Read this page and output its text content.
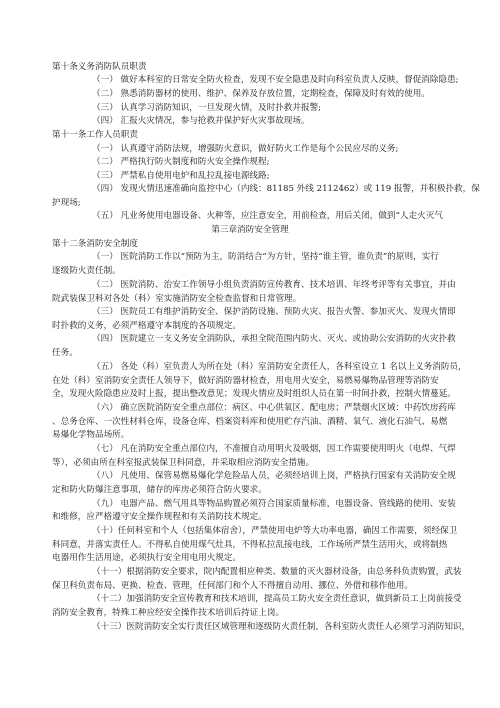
第十条义务消防队员职责
（一） 做好本科室的日常安全防火检查，发现不安全隐患及时向科室负责人反映，督促消除隐患;
（二） 熟悉消防器材的使用、维护、保养及存放位置，定期检查，保障及时有效的使用。
（三） 认真学习消防知识，一旦发现火情，及时扑救并报警;
（四） 汇报火灾情况，参与抢救并保护好火灾事故现场。
第十一条工作人员职责
（一） 认真遵守消防法规，增强防火意识，做好防火工作是每个公民应尽的义务;
（二） 严格执行防火制度和防火安全操作规程;
（三） 严禁私自使用电炉和乱拉乱接电源线路;
（四） 发现火情迅速准确向监控中心（内线：81185 外线 2112462）或 119 报警，并积极扑救，保
护现场;
（五） 凡业务使用电器设备、火种等，应注意安全，用前检查，用后关闭，做到“人走火灭气
第三章消防安全管理
第十二条消防安全制度
（一） 医院消防工作以“预防为主，防消结合”为方针，坚持“谁主管，谁负责”的原则，实行
逐级防火责任制。
（二） 医院消防、治安工作领导小组负责消防宣传教育、技术培训、年终考评等有关事宜，并由
院武装保卫科对各处（科）室实施消防安全检查监督和日常管理。
（三） 医院员工有维护消防安全、保护消防设施、预防火灾、报告火警、参加灭火、发现火情即
时扑救的义务，必须严格遵守本制度的各项规定。
（四） 医院建立一支义务安全消防队，承担全院范围内防火、灭火、或协助公安消防的火灾扑救
任务。
（五） 各处（科）室负责人为所在处（科）室消防安全责任人，各科室设立 1 名以上义务消防员，
在处（科）室消防安全责任人领导下，做好消防器材检查，用电用火安全，易燃易爆物品管理等消防安
全，发现火险隐患应及时上报，提出整改意见；发现火情应及时组织人员在第一时间扑救，控制火情蔓延。
（六） 确立医院消防安全重点部位：病区、中心供氧区、配电房；严禁烟火区域：中药饮房药库
、总务仓库、一次性材料仓库，设备仓库、档案资料库和使用贮存汽油、酒精、氧气、液化石油气、易燃
易爆化学物品场所。
（七） 凡在消防安全重点部位内，不准擅自动用明火及吸烟，因工作需要使用明火（电焊、气焊
等），必须由所在科室报武装保卫科同意，并采取相应消防安全措施。
（八） 凡使用、保管易燃易爆化学危险品人员，必须经培训上岗，严格执行国家有关消防安全规
定和防火防爆注意事项，储存的库房必须符合防火要求。
（九） 电器产品、燃气用具等物品购置必须符合国家质量标准，电器设备、管线路的使用、安装
和维修，应严格遵守安全操作规程和有关消防技术规定。
（十）任何科室和个人（包括集体宿舍），严禁使用电炉等大功率电器，确因工作需要，须经保卫
科同意，并落实责任人。不得私自使用煤气灶具，不得私拉乱接电线，工作场所严禁生活用火，或将制热
电器用作生活用途，必须执行安全用电用火规定。
（十一）根据消防安全要求，院内配置相应种类、数量的灭火器材设备，由总务科负责购置，武装
保卫科负责布局、更换、检查、管理，任何部门和个人不得擅自动用、挪位、外借和移作他用。
（十二）加强消防安全宣传教育和技术培训，提高员工防火安全责任意识，做到新员工上岗前接受
消防安全教育，特殊工种应经安全操作技术培训后持证上岗。
（十三）医院消防安全实行责任区域管理和逐级防火责任制，各科室防火责任人必须学习消防知识，
